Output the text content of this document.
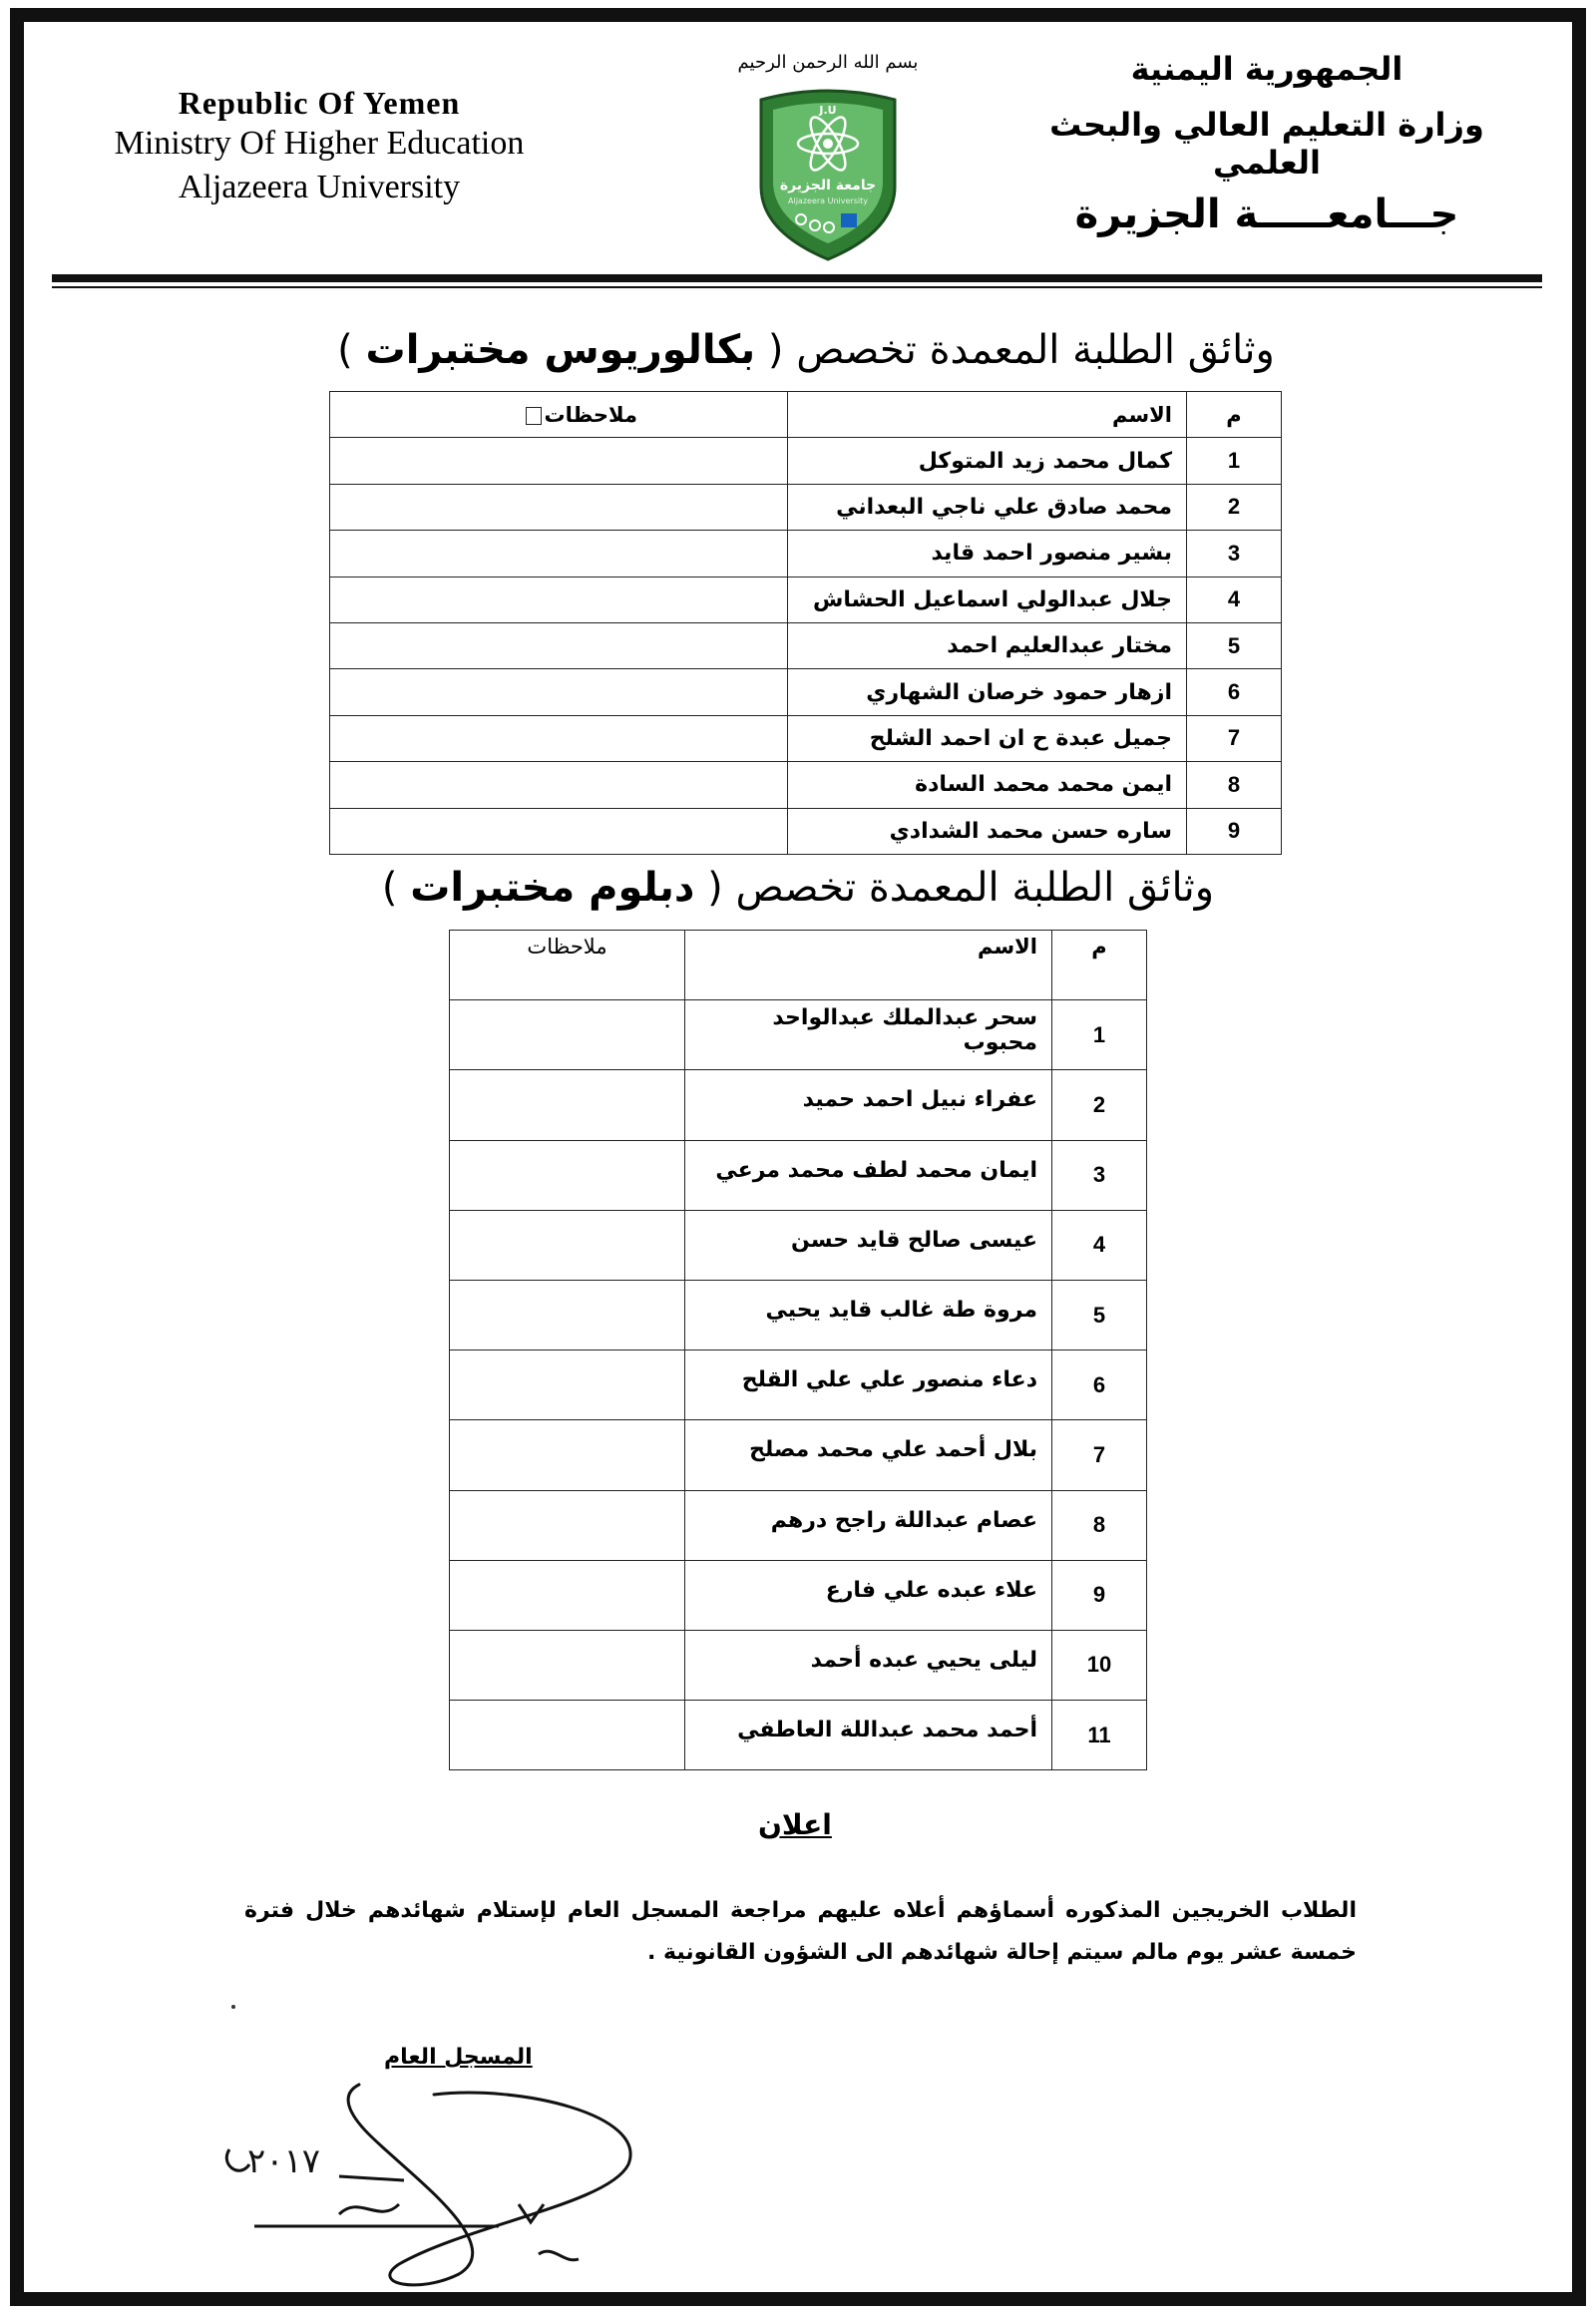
Republic Of Yemen
Ministry Of Higher Education
Aljazeera University
بسم الله الرحمن الرحيم
J.U
جامعة الجزيرة
Aljazeera University
الجمهورية اليمنية
وزارة التعليم العالي والبحث العلمي
جـــامعـــــة الجزيرة
وثائق الطلبة المعمدة تخصص ( بكالوريوس مختبرات )
م	الاسم	ملاحظات
1	كمال محمد زيد المتوكل	
2	محمد صادق علي ناجي البعداني	
3	بشير منصور احمد قايد	
4	جلال عبدالولي اسماعيل الحشاش	
5	مختار عبدالعليم احمد	
6	ازهار حمود خرصان الشهاري	
7	جميل عبدة ح ان احمد الشلح	
8	ايمن محمد محمد السادة	
9	ساره حسن محمد الشدادي	
وثائق الطلبة المعمدة تخصص ( دبلوم مختبرات )
م	الاسم	ملاحظات
1	سحر عبدالملك عبدالواحد محبوب	
2	عفراء نبيل احمد حميد	
3	ايمان محمد لطف محمد مرعي	
4	عيسى صالح قايد حسن	
5	مروة طة غالب قايد يحيي	
6	دعاء منصور علي علي القلح	
7	بلال أحمد علي محمد مصلح	
8	عصام عبداللة راجح درهم	
9	علاء عبده علي فارع	
10	ليلى يحيي عبده أحمد	
11	أحمد محمد عبداللة العاطفي	
اعلان
الطلاب الخريجين المذكوره أسماؤهم أعلاه عليهم مراجعة المسجل العام لإستلام شهائدهم خلال فترة خمسة عشر يوم مالم سيتم إحالة شهائدهم الى الشؤون القانونية .
المسجل العام
٢٠١٧
